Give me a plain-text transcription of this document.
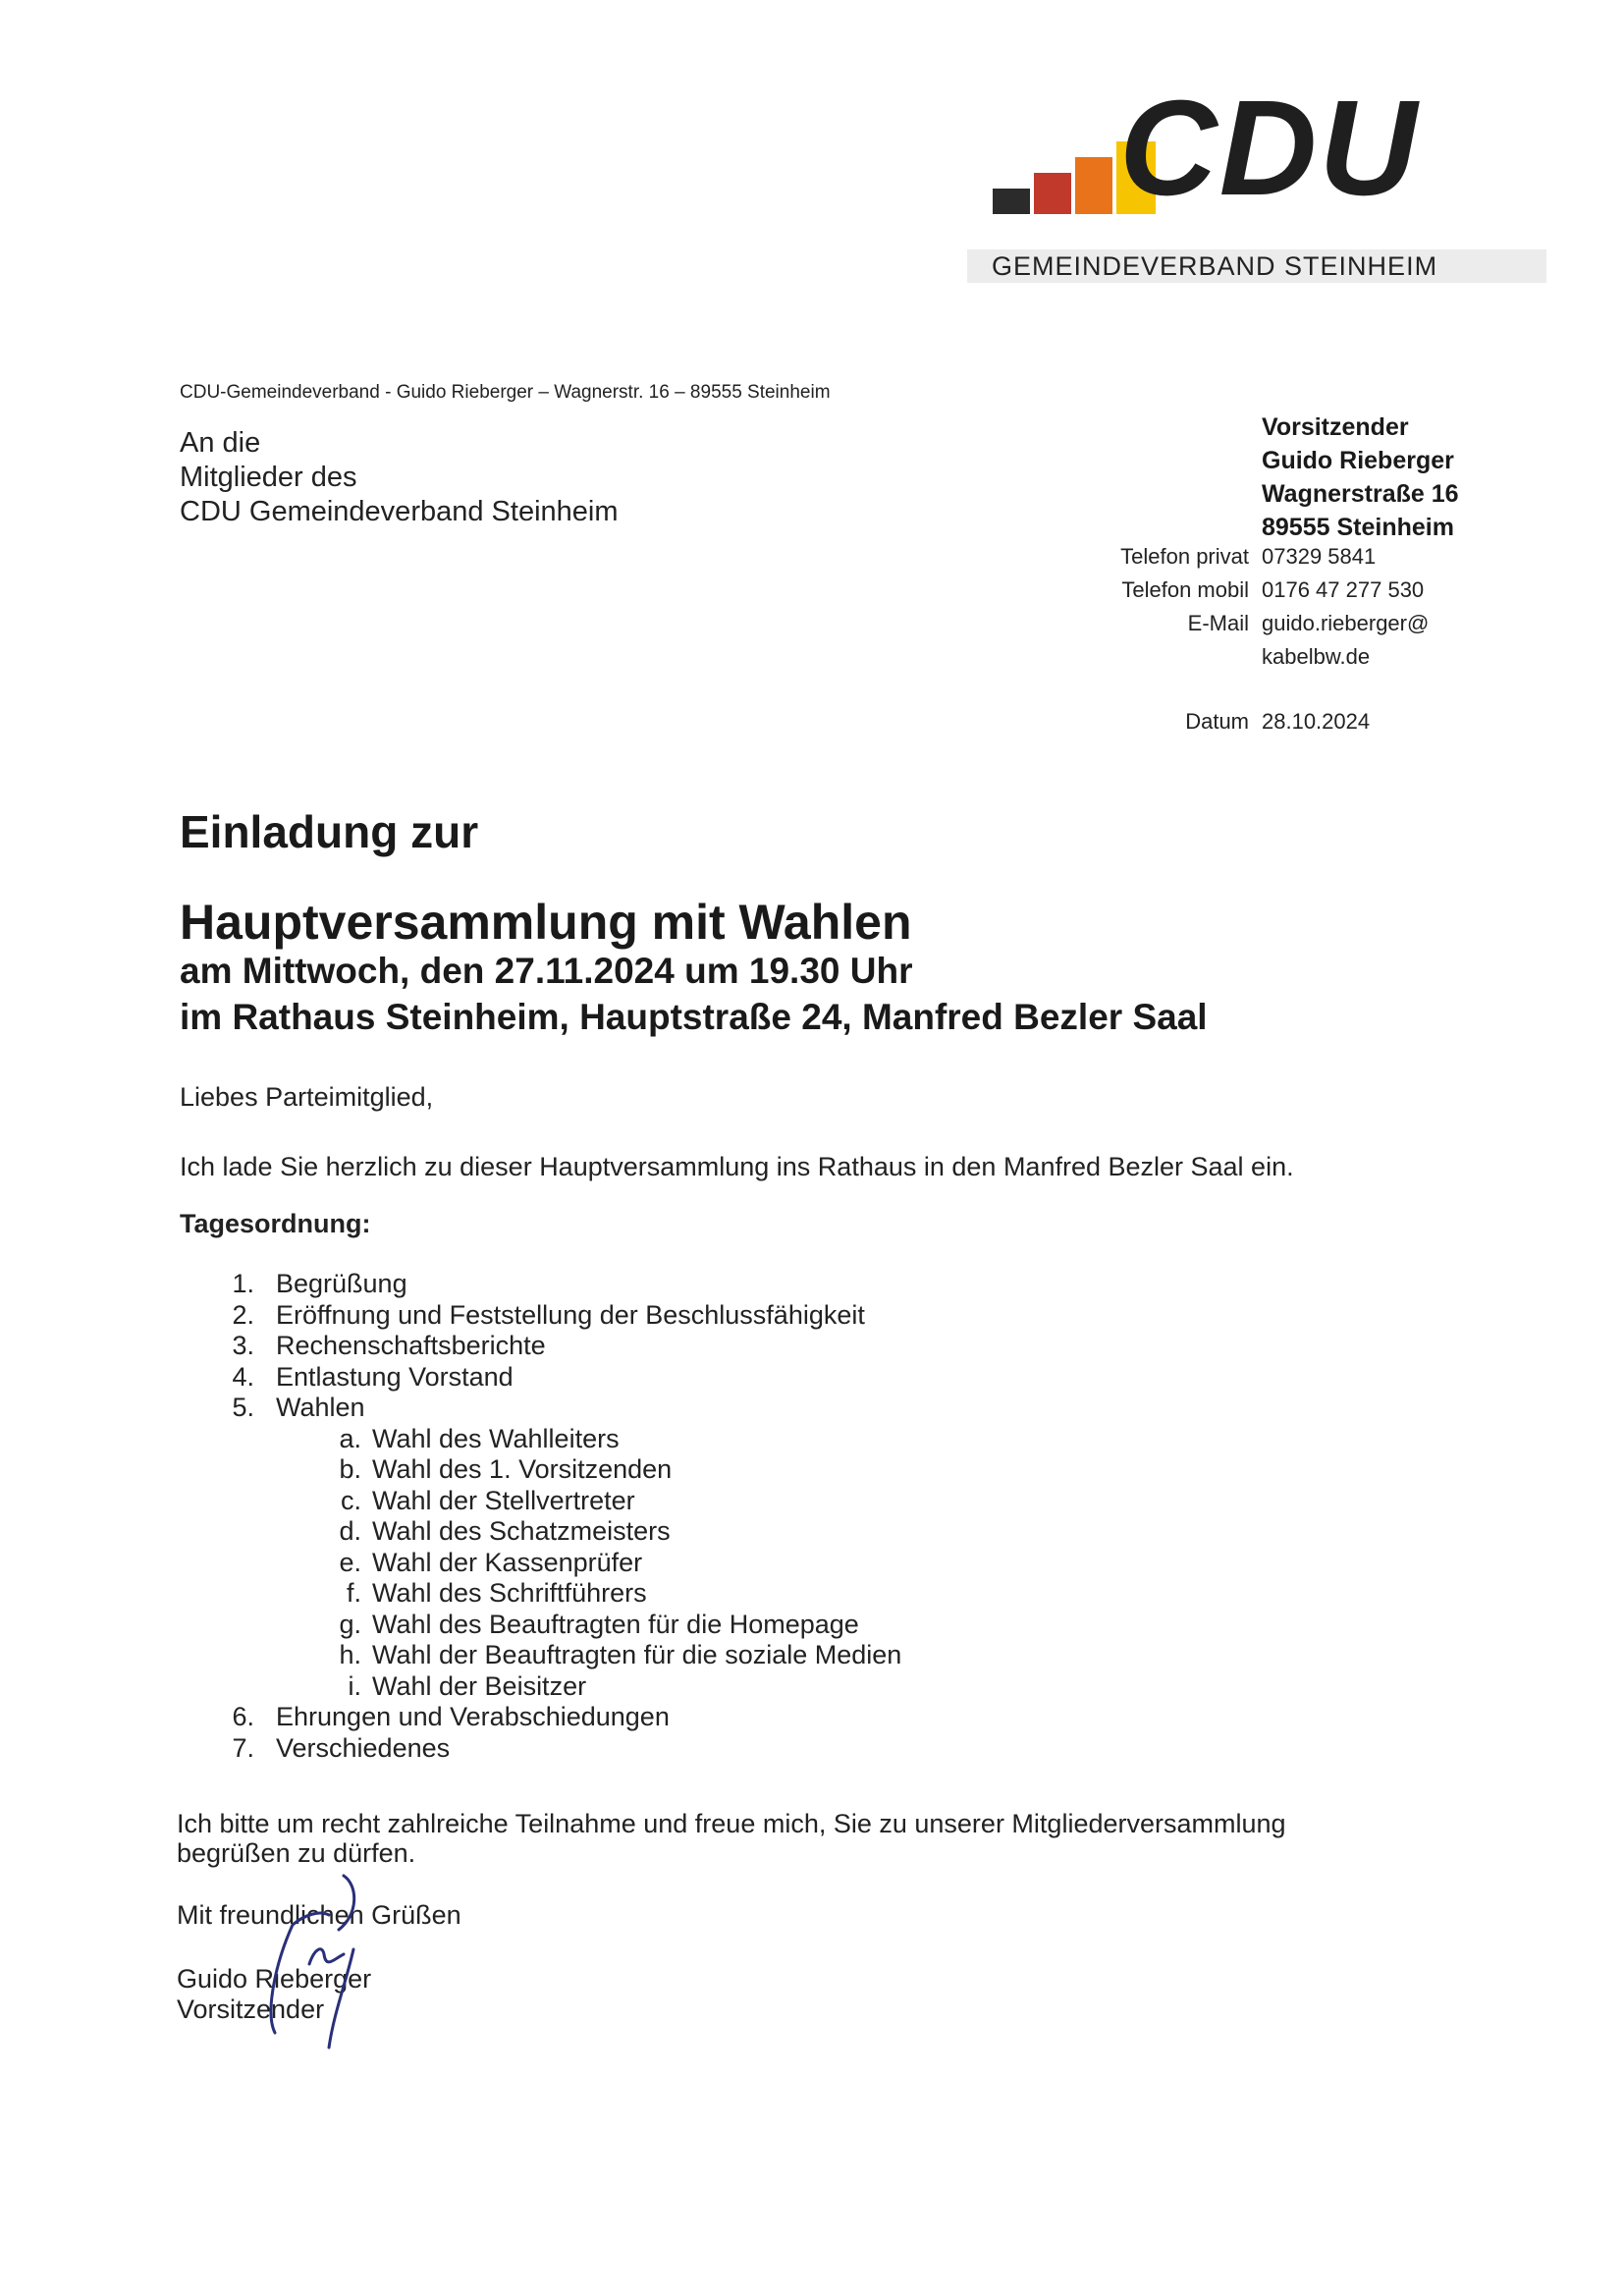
CDU
GEMEINDEVERBAND STEINHEIM
CDU-Gemeindeverband - Guido Rieberger – Wagnerstr. 16 – 89555 Steinheim
An die
Mitglieder des
CDU Gemeindeverband Steinheim
Vorsitzender
Guido Rieberger
Wagnerstraße 16
89555 Steinheim
Telefon privat 07329 5841
Telefon mobil 0176 47 277 530
E-Mail guido.rieberger@
kabelbw.de
Datum 28.10.2024
Einladung zur
Hauptversammlung mit Wahlen
am Mittwoch, den 27.11.2024 um 19.30 Uhr
im Rathaus Steinheim, Hauptstraße 24, Manfred Bezler Saal
Liebes Parteimitglied,
Ich lade Sie herzlich zu dieser Hauptversammlung ins Rathaus in den Manfred Bezler Saal ein.
Tagesordnung:
1. Begrüßung
2. Eröffnung und Feststellung der Beschlussfähigkeit
3. Rechenschaftsberichte
4. Entlastung Vorstand
5. Wahlen
a. Wahl des Wahlleiters
b. Wahl des 1. Vorsitzenden
c. Wahl der Stellvertreter
d. Wahl des Schatzmeisters
e. Wahl der Kassenprüfer
f. Wahl des Schriftführers
g. Wahl des Beauftragten für die Homepage
h. Wahl der Beauftragten für die soziale Medien
i. Wahl der Beisitzer
6. Ehrungen und Verabschiedungen
7. Verschiedenes
Ich bitte um recht zahlreiche Teilnahme und freue mich, Sie zu unserer Mitgliederversammlung
begrüßen zu dürfen.
Mit freundlichen Grüßen
Guido Rieberger
Vorsitzender
